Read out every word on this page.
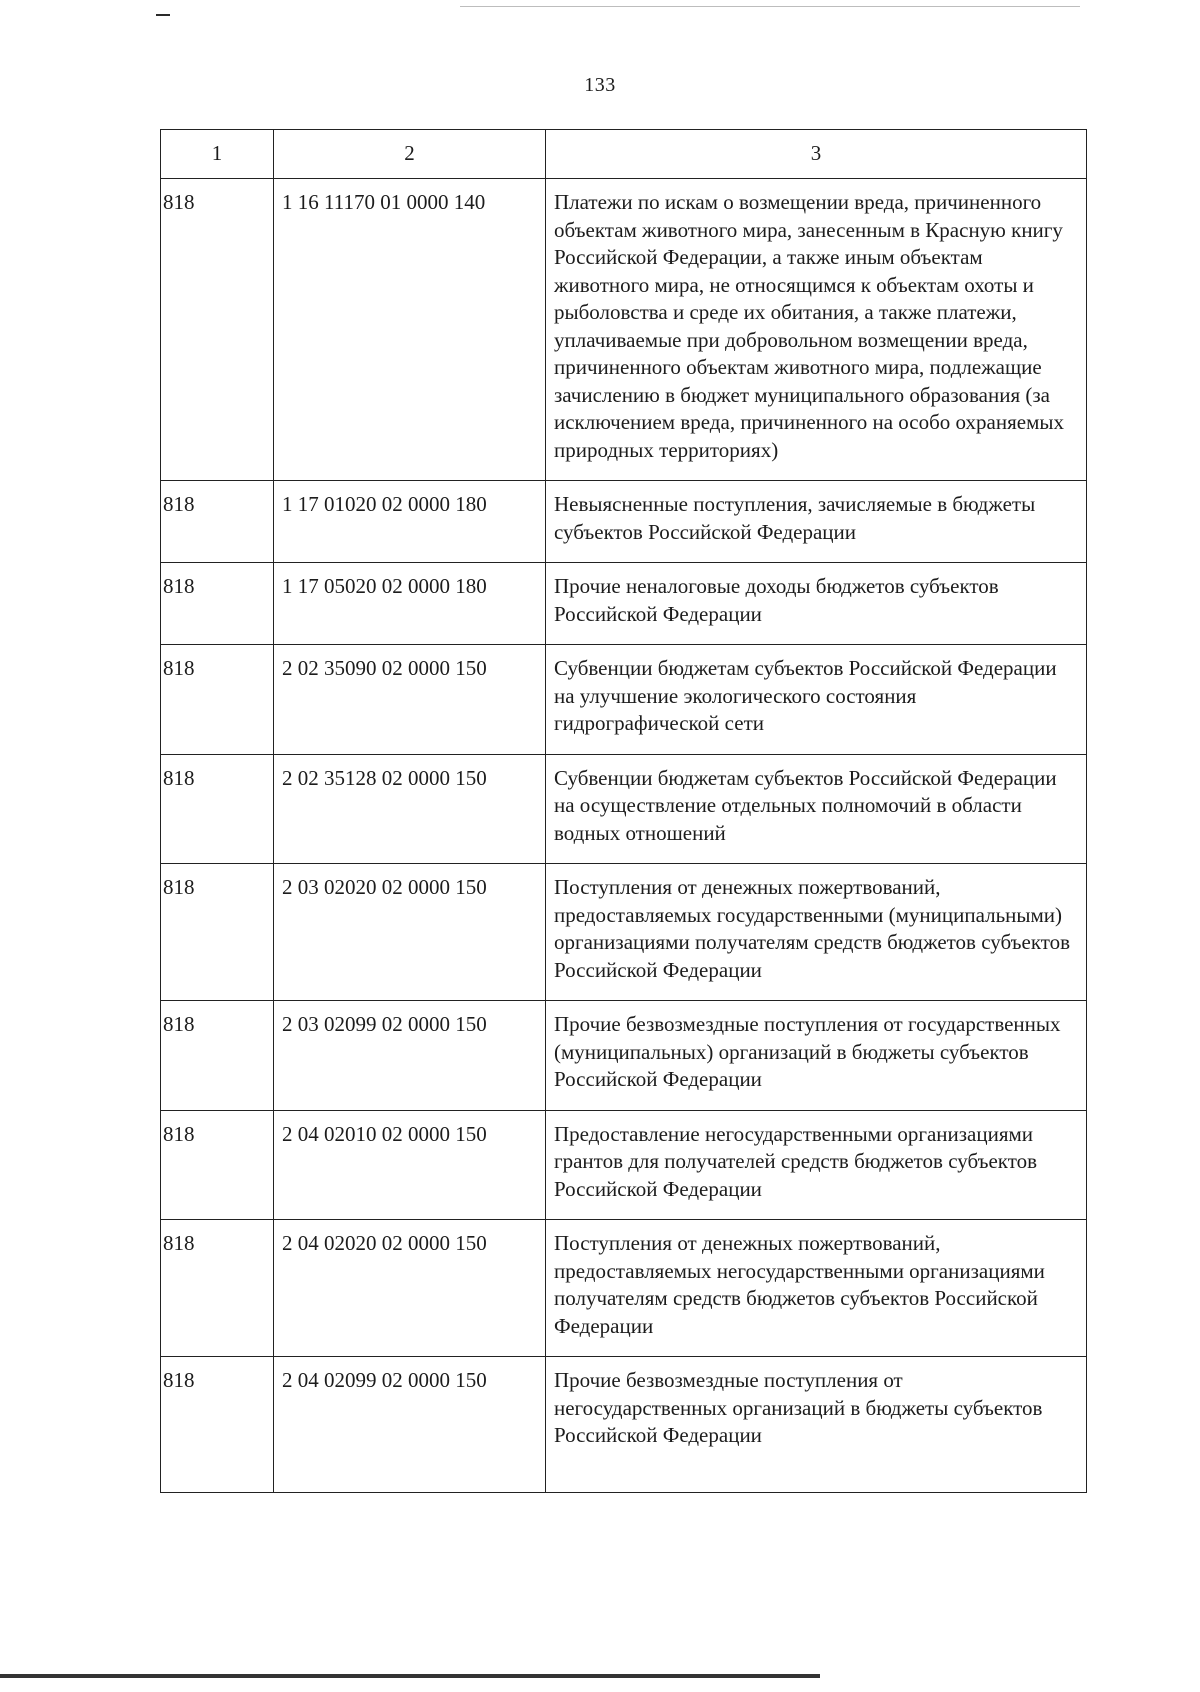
133
1	2	3
818	1 16 11170 01 0000 140	Платежи по искам о возмещении вреда, причиненного объектам животного мира, занесенным в Красную книгу Российской Федерации, а также иным объектам животного мира, не относящимся к объектам охоты и рыболовства и среде их обитания, а также платежи, уплачиваемые при добровольном возмещении вреда, причиненного объектам животного мира, подлежащие зачислению в бюджет муниципального образования (за исключением вреда, причиненного на особо охраняемых природных территориях)
818	1 17 01020 02 0000 180	Невыясненные поступления, зачисляемые в бюджеты субъектов Российской Федерации
818	1 17 05020 02 0000 180	Прочие неналоговые доходы бюджетов субъектов Российской Федерации
818	2 02 35090 02 0000 150	Субвенции бюджетам субъектов Российской Федерации на улучшение экологического состояния гидрографической сети
818	2 02 35128 02 0000 150	Субвенции бюджетам субъектов Российской Федерации на осуществление отдельных полномочий в области водных отношений
818	2 03 02020 02 0000 150	Поступления от денежных пожертвований, предоставляемых государственными (муниципальными) организациями получателям средств бюджетов субъектов Российской Федерации
818	2 03 02099 02 0000 150	Прочие безвозмездные поступления от государственных (муниципальных) организаций в бюджеты субъектов Российской Федерации
818	2 04 02010 02 0000 150	Предоставление негосударственными организациями грантов для получателей средств бюджетов субъектов Российской Федерации
818	2 04 02020 02 0000 150	Поступления от денежных пожертвований, предоставляемых негосударственными организациями получателям средств бюджетов субъектов Российской Федерации
818	2 04 02099 02 0000 150	Прочие безвозмездные поступления от негосударственных организаций в бюджеты субъектов Российской Федерации
